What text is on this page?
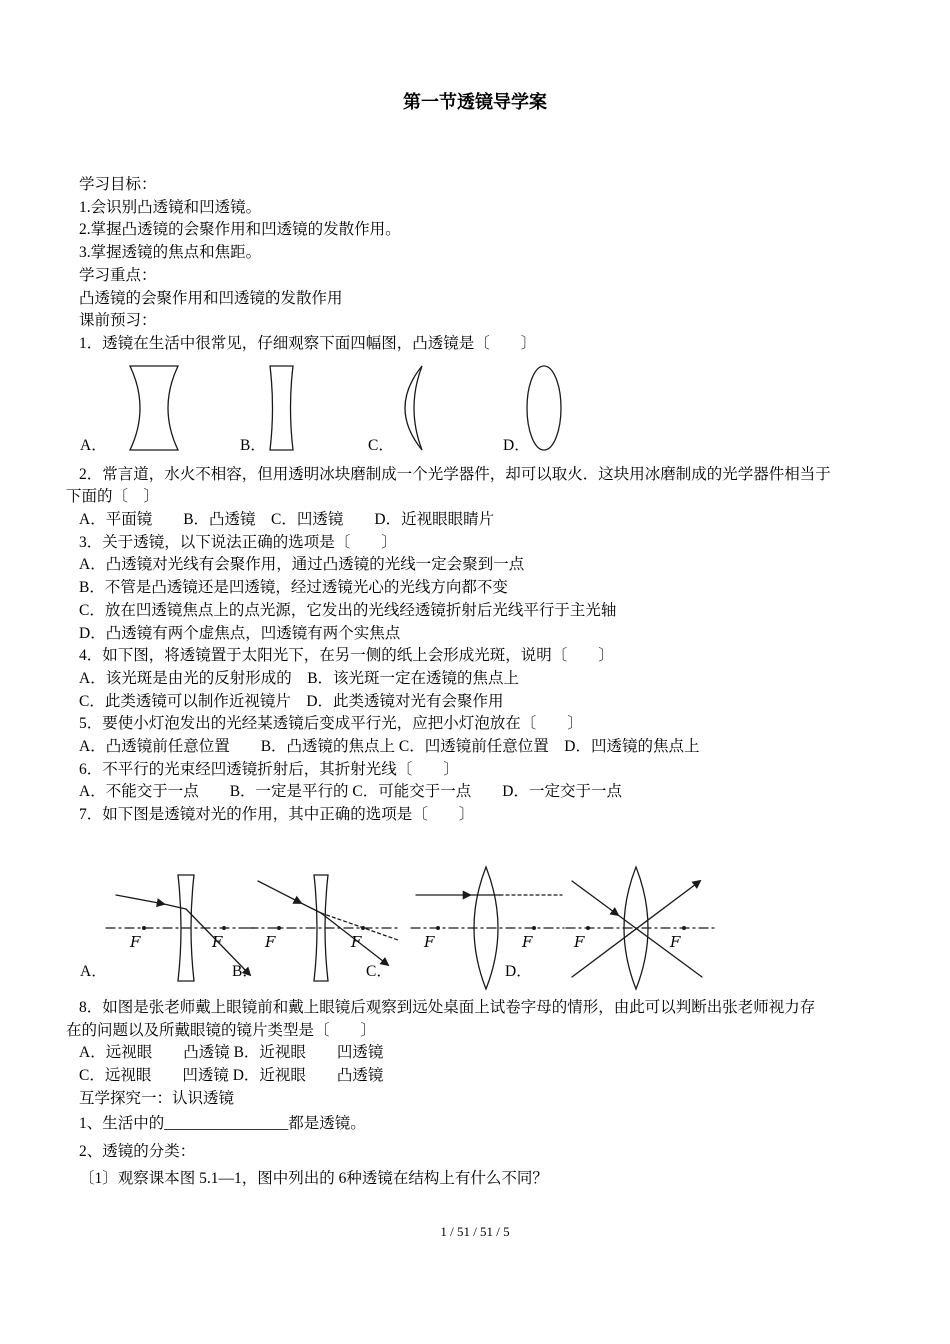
第一节透镜导学案

学习目标：

1.会识别凸透镜和凹透镜。

2.掌握凸透镜的会聚作用和凹透镜的发散作用。

3.掌握透镜的焦点和焦距。

学习重点：

凸透镜的会聚作用和凹透镜的发散作用

课前预习：

1．透镜在生活中很常见，仔细观察下面四幅图，凸透镜是〔　　〕

A．	B．	C．	D．

2．常言道，水火不相容，但用透明冰块磨制成一个光学器件，却可以取火．这块用冰磨制成的光学器件相当于

下面的〔　〕

A．平面镜　　B．凸透镜　C．凹透镜　　D．近视眼眼睛片

3．关于透镜，以下说法正确的选项是〔　　〕

A．凸透镜对光线有会聚作用，通过凸透镜的光线一定会聚到一点

B．不管是凸透镜还是凹透镜，经过透镜光心的光线方向都不变

C．放在凹透镜焦点上的点光源，它发出的光线经透镜折射后光线平行于主光轴

D．凸透镜有两个虚焦点，凹透镜有两个实焦点

4．如下图，将透镜置于太阳光下，在另一侧的纸上会形成光斑，说明〔　　〕

A．该光斑是由光的反射形成的　B．该光斑一定在透镜的焦点上

C．此类透镜可以制作近视镜片　D．此类透镜对光有会聚作用

5．要使小灯泡发出的光经某透镜后变成平行光，应把小灯泡放在〔　　〕

A．凸透镜前任意位置　　B．凸透镜的焦点上 C．凹透镜前任意位置　D．凹透镜的焦点上

6．不平行的光束经凹透镜折射后，其折射光线〔　　〕

A．不能交于一点　　B．一定是平行的 C．可能交于一点　　D．一定交于一点

7．如下图是透镜对光的作用，其中正确的选项是〔　　〕

F	F
A．
F	F
B．
F	F
C．
F	F
D．

8．如图是张老师戴上眼镜前和戴上眼镜后观察到远处桌面上试卷字母的情形，由此可以判断出张老师视力存

在的问题以及所戴眼镜的镜片类型是〔　　〕

A．远视眼　　凸透镜 B．近视眼　　凹透镜

C．远视眼　　凹透镜 D．近视眼　　凸透镜

互学探究一：认识透镜

1、生活中的________________都是透镜。

2、透镜的分类：

〔1〕观察课本图 5.1—1，图中列出的 6种透镜在结构上有什么不同？

1 / 51 / 51 / 5
